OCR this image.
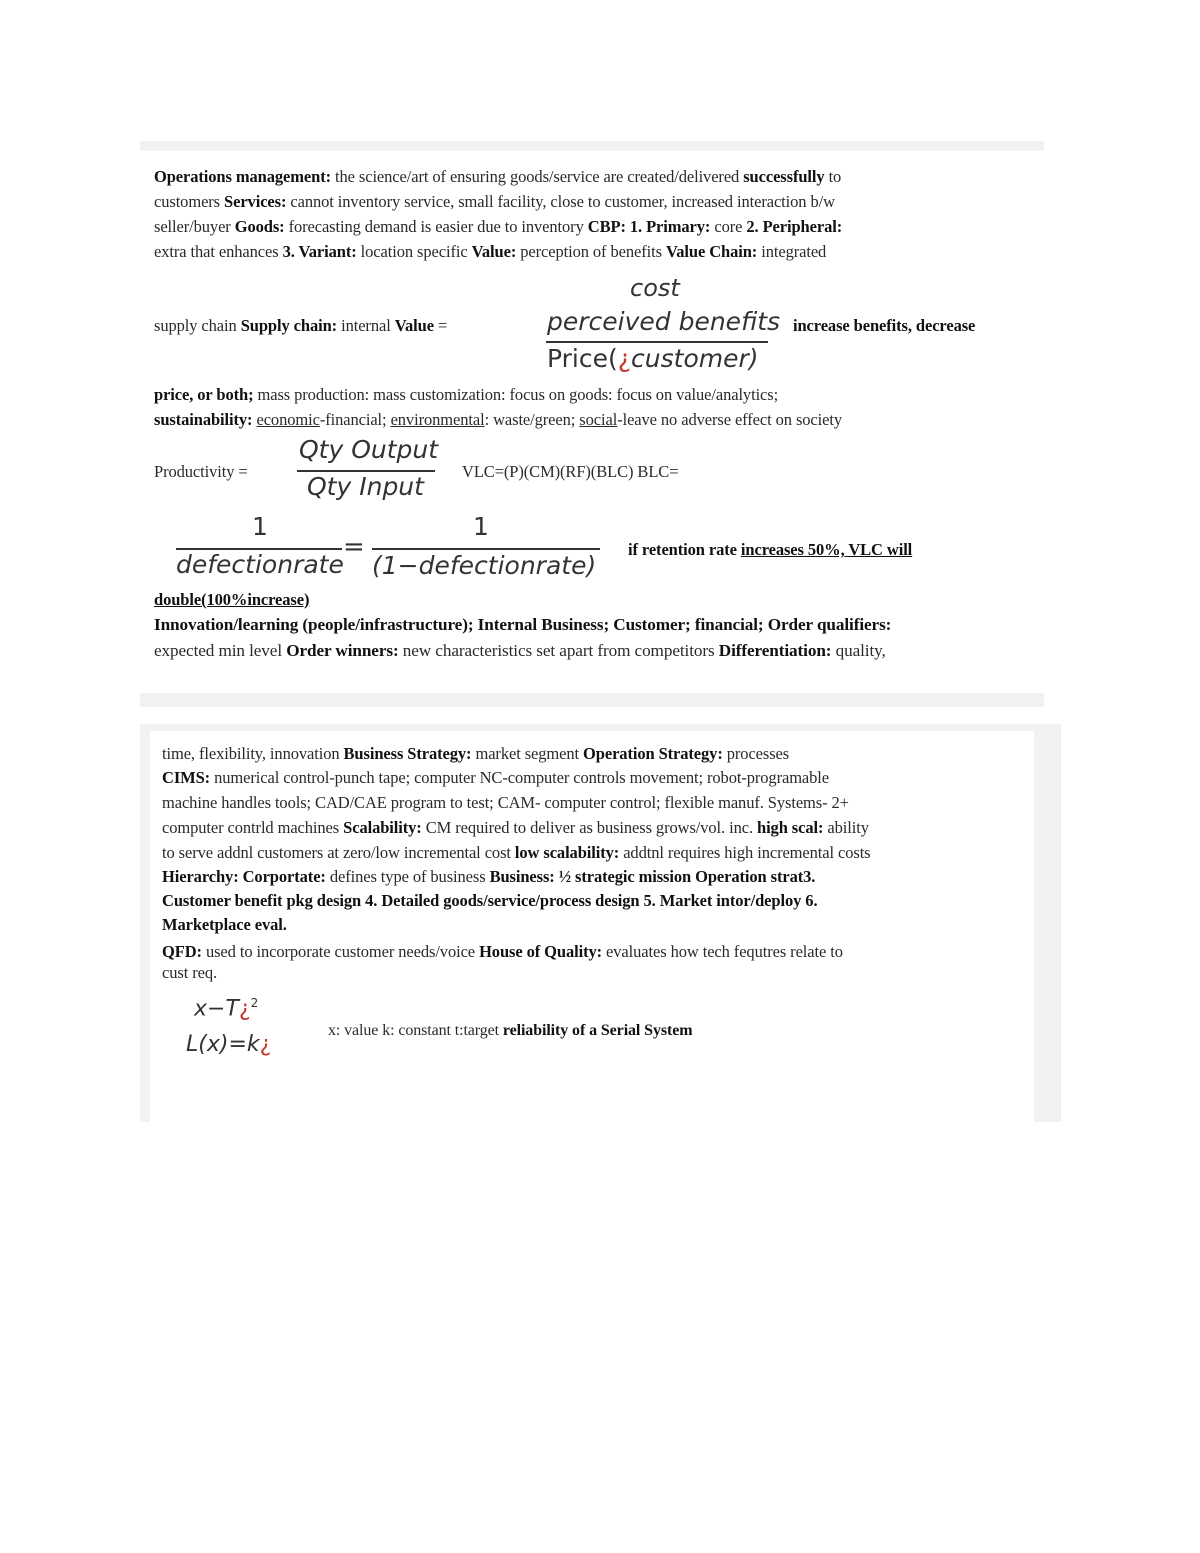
Operations management: the science/art of ensuring goods/service are created/delivered successfully to
customers Services: cannot inventory service, small facility, close to customer, increased interaction b/w
seller/buyer Goods: forecasting demand is easier due to inventory CBP: 1. Primary: core 2. Peripheral:
extra that enhances 3. Variant: location specific Value: perception of benefits Value Chain: integrated
supply chain Supply chain: internal Value =	increase benefits, decrease
price, or both; mass production: mass customization: focus on goods: focus on value/analytics;
sustainability: economic-financial; environmental: waste/green; social-leave no adverse effect on society
Productivity =	VLC=(P)(CM)(RF)(BLC) BLC=
if retention rate increases 50%, VLC will
double(100%increase)
Innovation/learning (people/infrastructure); Internal Business; Customer; financial; Order qualifiers:
expected min level Order winners: new characteristics set apart from competitors Differentiation: quality,
cost
perceived benefits
Price(¿customer)
Qty Output
Qty Input
1
defectionrate
=
1
(1−defectionrate)
time, flexibility, innovation Business Strategy: market segment Operation Strategy: processes
CIMS: numerical control-punch tape; computer NC-computer controls movement; robot-programable
machine handles tools; CAD/CAE program to test; CAM- computer control; flexible manuf. Systems- 2+
computer contrld machines Scalability: CM required to deliver as business grows/vol. inc. high scal: ability
to serve addnl customers at zero/low incremental cost low scalability: addtnl requires high incremental costs
Hierarchy: Corportate: defines type of business Business: ½ strategic mission Operation strat3.
Customer benefit pkg design 4. Detailed goods/service/process design 5. Market intor/deploy 6.
Marketplace eval.
QFD: used to incorporate customer needs/voice House of Quality: evaluates how tech fequtres relate to
cust req.
x: value k: constant t:target reliability of a Serial System
x−T¿$^2$
L(x)=k¿
